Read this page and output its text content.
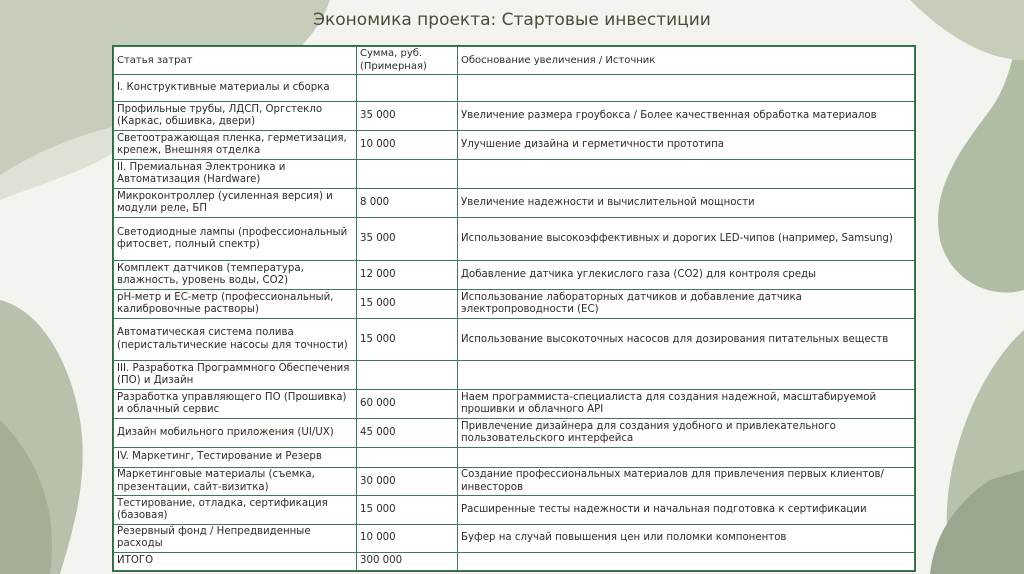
Экономика проекта: Стартовые инвестиции
Статья затрат	Сумма, руб. (Примерная)	Обоснование увеличения / Источник
I. Конструктивные материалы и сборка		
Профильные трубы, ЛДСП, Оргстекло (Каркас, обшивка, двери)	35 000	Увеличение размера гроубокса / Более качественная обработка материалов
Светоотражающая пленка, герметизация, крепеж, Внешняя отделка	10 000	Улучшение дизайна и герметичности прототипа
II. Премиальная Электроника и Автоматизация (Hardware)		
Микроконтроллер (усиленная версия) и модули реле, БП	8 000	Увеличение надежности и вычислительной мощности
Светодиодные лампы (профессиональный фитосвет, полный спектр)	35 000	Использование высокоэффективных и дорогих LED-чипов (например, Samsung)
Комплект датчиков (температура, влажность, уровень воды, CO2)	12 000	Добавление датчика углекислого газа (CO2) для контроля среды
pH-метр и EC-метр (профессиональный, калибровочные растворы)	15 000	Использование лабораторных датчиков и добавление датчика электропроводности (EC)
Автоматическая система полива (перистальтические насосы для точности)	15 000	Использование высокоточных насосов для дозирования питательных веществ
III. Разработка Программного Обеспечения (ПО) и Дизайн		
Разработка управляющего ПО (Прошивка) и облачный сервис	60 000	Наем программиста-специалиста для создания надежной, масштабируемой прошивки и облачного API
Дизайн мобильного приложения (UI/UX)	45 000	Привлечение дизайнера для создания удобного и привлекательного пользовательского интерфейса
IV. Маркетинг, Тестирование и Резерв		
Маркетинговые материалы (съемка, презентации, сайт-визитка)	30 000	Создание профессиональных материалов для привлечения первых клиентов/инвесторов
Тестирование, отладка, сертификация (базовая)	15 000	Расширенные тесты надежности и начальная подготовка к сертификации
Резервный фонд / Непредвиденные расходы	10 000	Буфер на случай повышения цен или поломки компонентов
ИТОГО	300 000	
